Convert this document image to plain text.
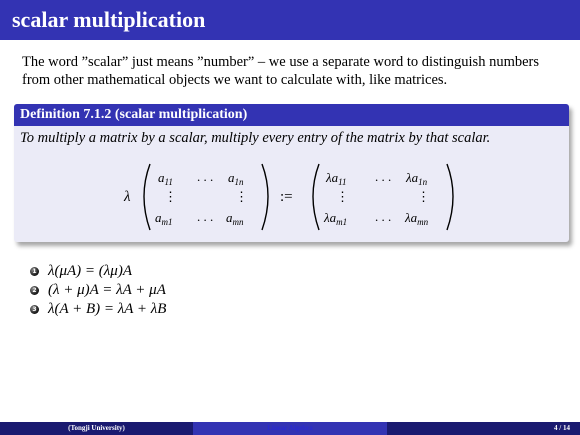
scalar multiplication
The word ”scalar” just means ”number” – we use a separate word to distinguish numbers from other mathematical objects we want to calculate with, like matrices.
Definition 7.1.2 (scalar multiplication)
To multiply a matrix by a scalar, multiply every entry of the matrix by that scalar.
λ
$a_{11}$ . . . $a_{1n}$
⋮	⋮
$a_{m1}$ . . . $a_{mn}$
:=
$\lambda a_{11}$ . . . $\lambda a_{1n}$
⋮	⋮
$\lambda a_{m1}$ . . . $\lambda a_{mn}$
1 λ(μA) = (λμ)A
2 (λ + μ)A = λA + μA
3 λ(A + B) = λA + λB
(Tongji University)	Linear Algebra	4 / 14
